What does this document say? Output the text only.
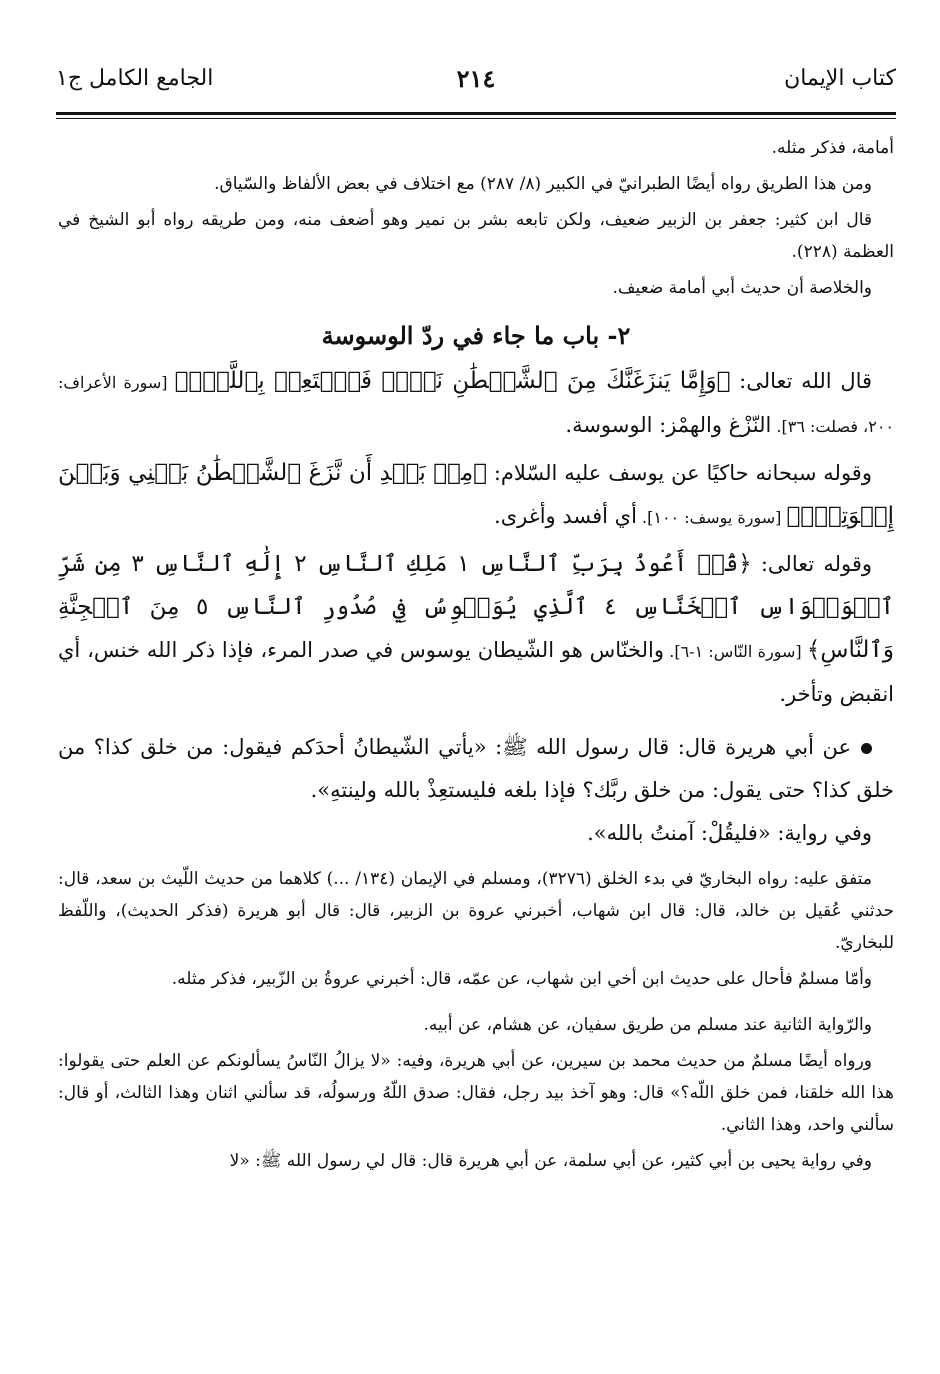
كتاب الإيمان
٢١٤
الجامع الكامل ج١

أمامة، فذكر مثله.

ومن هذا الطريق رواه أيضًا الطبرانيّ في الكبير (٨/ ٢٨٧) مع اختلاف في بعض الألفاظ والسّياق.

قال ابن كثير: جعفر بن الزبير ضعيف، ولكن تابعه بشر بن نمير وهو أضعف منه، ومن طريقه رواه أبو الشيخ في العظمة (٢٢٨).

والخلاصة أن حديث أبي أمامة ضعيف.

٢- باب ما جاء في ردّ الوسوسة

قال الله تعالى: ﴿وَإِمَّا يَنزَغَنَّكَ مِنَ ٱلشَّيۡطَٰنِ نَزۡغٞ فَٱسۡتَعِذۡ بِٱللَّهِۚ﴾ [سورة الأعراف: ٢٠٠، فصلت: ٣٦]. النّزْغ والهمْز: الوسوسة.

وقوله سبحانه حاكيًا عن يوسف عليه السّلام: ﴿مِنۢ بَعۡدِ أَن نَّزَغَ ٱلشَّيۡطَٰنُ بَيۡنِي وَبَيۡنَ إِخۡوَتِيٓۚ﴾ [سورة يوسف: ١٠٠]. أي أفسد وأغرى.

وقوله تعالى: ﴿قُلۡ أَعُوذُ بِرَبِّ ٱلنَّاسِ ١ مَلِكِ ٱلنَّاسِ ٢ إِلَٰهِ ٱلنَّاسِ ٣ مِن شَرِّ ٱلۡوَسۡوَاسِ ٱلۡخَنَّاسِ ٤ ٱلَّذِي يُوَسۡوِسُ فِي صُدُورِ ٱلنَّاسِ ٥ مِنَ ٱلۡجِنَّةِ وَٱلنَّاسِ﴾ [سورة النّاس: ١-٦]. والخنّاس هو الشّيطان يوسوس في صدر المرء، فإذا ذكر الله خنس، أي انقبض وتأخر.

عن أبي هريرة قال: قال رسول الله ﷺ: «يأتي الشّيطانُ أحدَكم فيقول: من خلق كذا؟ من خلق كذا؟ حتى يقول: من خلق ربَّك؟ فإذا بلغه فليستعِذْ بالله ولينتهِ».

وفي رواية: «فليقُلْ: آمنتُ بالله».

متفق عليه: رواه البخاريّ في بدء الخلق (٣٢٧٦)، ومسلم في الإيمان (١٣٤/ ...) كلاهما من حديث اللّيث بن سعد، قال: حدثني عُقيل بن خالد، قال: قال ابن شهاب، أخبرني عروة بن الزبير، قال: قال أبو هريرة (فذكر الحديث)، واللّفظ للبخاريّ.

وأمّا مسلمٌ فأحال على حديث ابن أخي ابن شهاب، عن عمّه، قال: أخبرني عروةُ بن الزّبير، فذكر مثله.

والرّواية الثانية عند مسلم من طريق سفيان، عن هشام، عن أبيه.

ورواه أيضًا مسلمٌ من حديث محمد بن سيرين، عن أبي هريرة، وفيه: «لا يزالُ النّاسُ يسألونكم عن العلم حتى يقولوا: هذا الله خلقنا، فمن خلق اللّه؟» قال: وهو آخذ بيد رجل، فقال: صدق اللّهُ ورسولُه، قد سألني اثنان وهذا الثالث، أو قال: سألني واحد، وهذا الثاني.

وفي رواية يحيى بن أبي كثير، عن أبي سلمة، عن أبي هريرة قال: قال لي رسول الله ﷺ: «لا
